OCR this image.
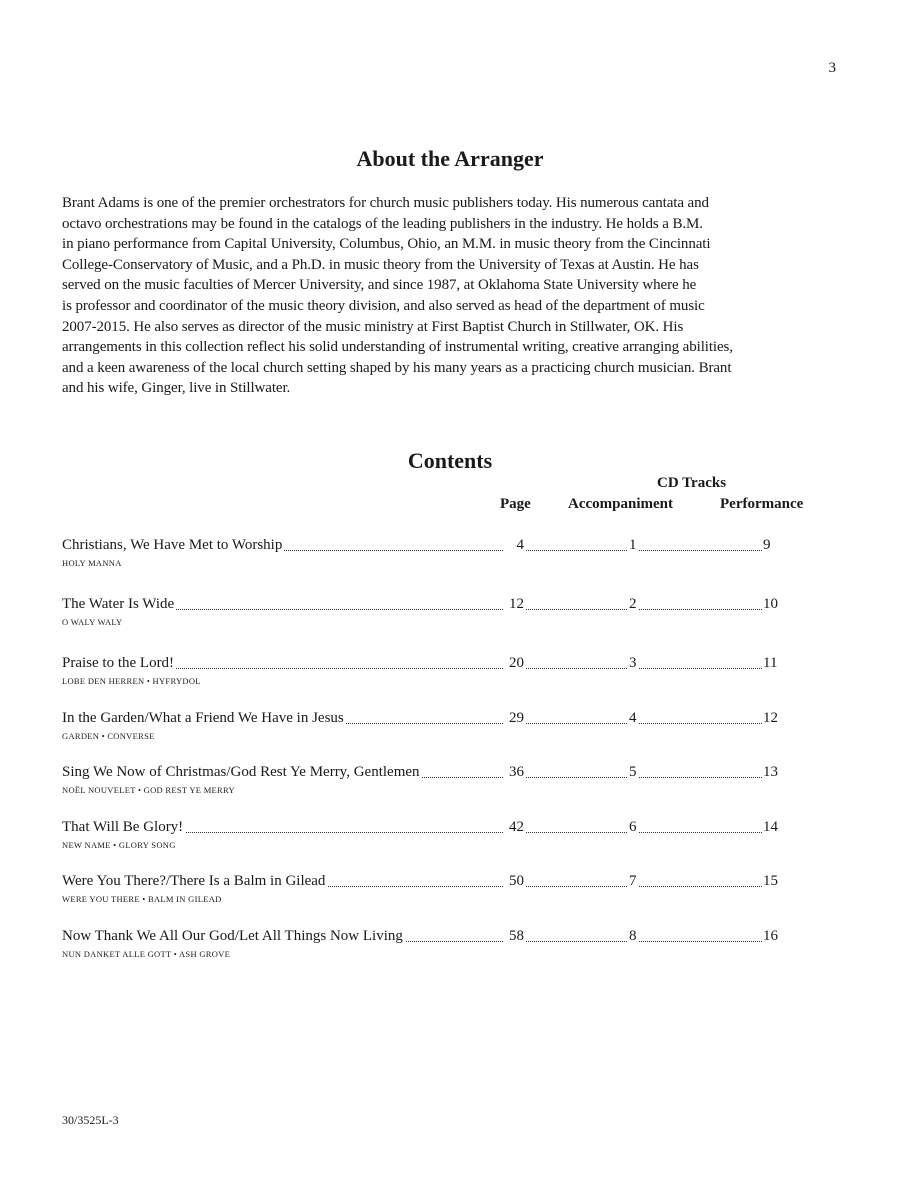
3
About the Arranger
Brant Adams is one of the premier orchestrators for church music publishers today. His numerous cantata and
octavo orchestrations may be found in the catalogs of the leading publishers in the industry. He holds a B.M.
in piano performance from Capital University, Columbus, Ohio, an M.M. in music theory from the Cincinnati
College-Conservatory of Music, and a Ph.D. in music theory from the University of Texas at Austin. He has
served on the music faculties of Mercer University, and since 1987, at Oklahoma State University where he
is professor and coordinator of the music theory division, and also served as head of the department of music
2007-2015. He also serves as director of the music ministry at First Baptist Church in Stillwater, OK. His
arrangements in this collection reflect his solid understanding of instrumental writing, creative arranging abilities,
and a keen awareness of the local church setting shaped by his many years as a practicing church musician. Brant
and his wife, Ginger, live in Stillwater.
Contents
CD Tracks
Page Accompaniment	Performance
Christians, We Have Met to Worship	4	1	9
HOLY MANNA
The Water Is Wide	12	2	10
O WALY WALY
Praise to the Lord!	20	3	11
LOBE DEN HERREN • HYFRYDOL
In the Garden/What a Friend We Have in Jesus	29	4	12
GARDEN • CONVERSE
Sing We Now of Christmas/God Rest Ye Merry, Gentlemen	36	5	13
NOËL NOUVELET • GOD REST YE MERRY
That Will Be Glory!	42	6	14
NEW NAME • GLORY SONG
Were You There?/There Is a Balm in Gilead	50	7	15
WERE YOU THERE • BALM IN GILEAD
Now Thank We All Our God/Let All Things Now Living	58	8	16
NUN DANKET ALLE GOTT • ASH GROVE
30/3525L-3
